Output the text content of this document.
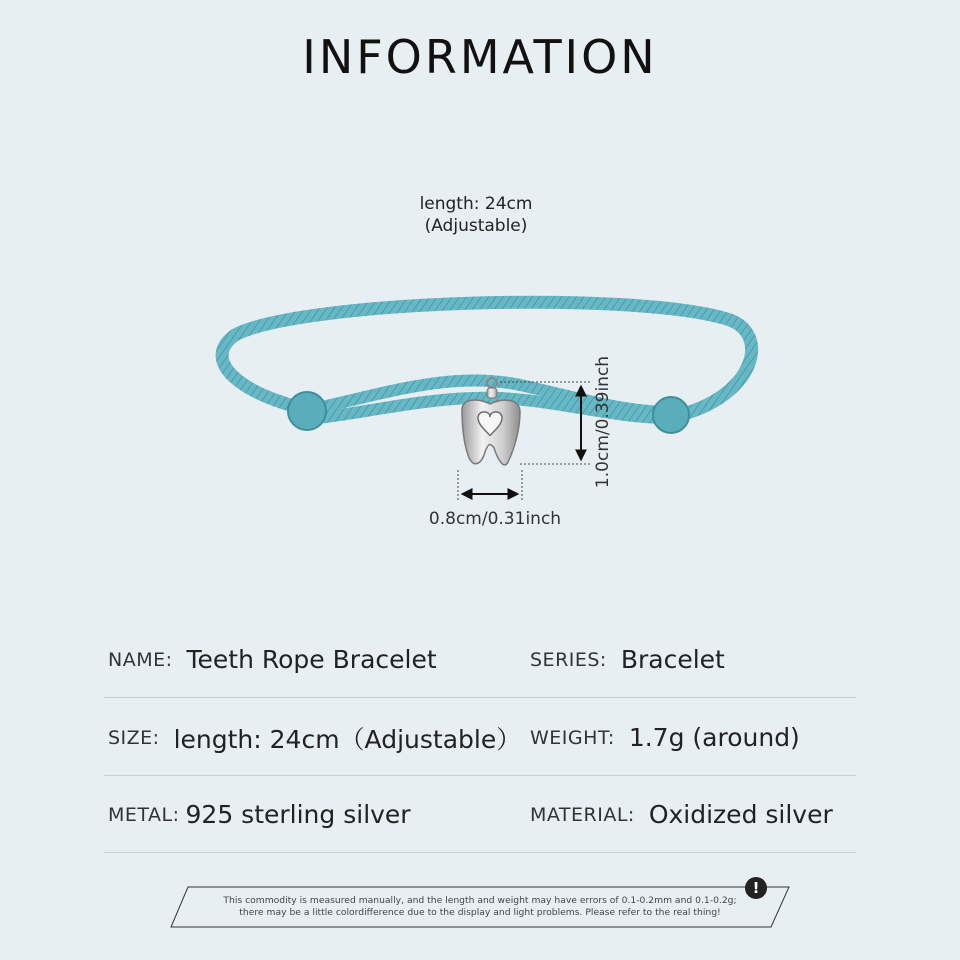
INFORMATION
length: 24cm
(Adjustable)
0.8cm/0.31inch
1.0cm/0.39inch
NAME: Teeth Rope Bracelet	SERIES: Bracelet
SIZE: length: 24cm（Adjustable） WEIGHT: 1.7g (around)
METAL: 925 sterling silver	MATERIAL: Oxidized silver
This commodity is measured manually, and the length and weight may have errors of 0.1-0.2mm and 0.1-0.2g;
there may be a little colordifference due to the display and light problems. Please refer to the real thing!
!
